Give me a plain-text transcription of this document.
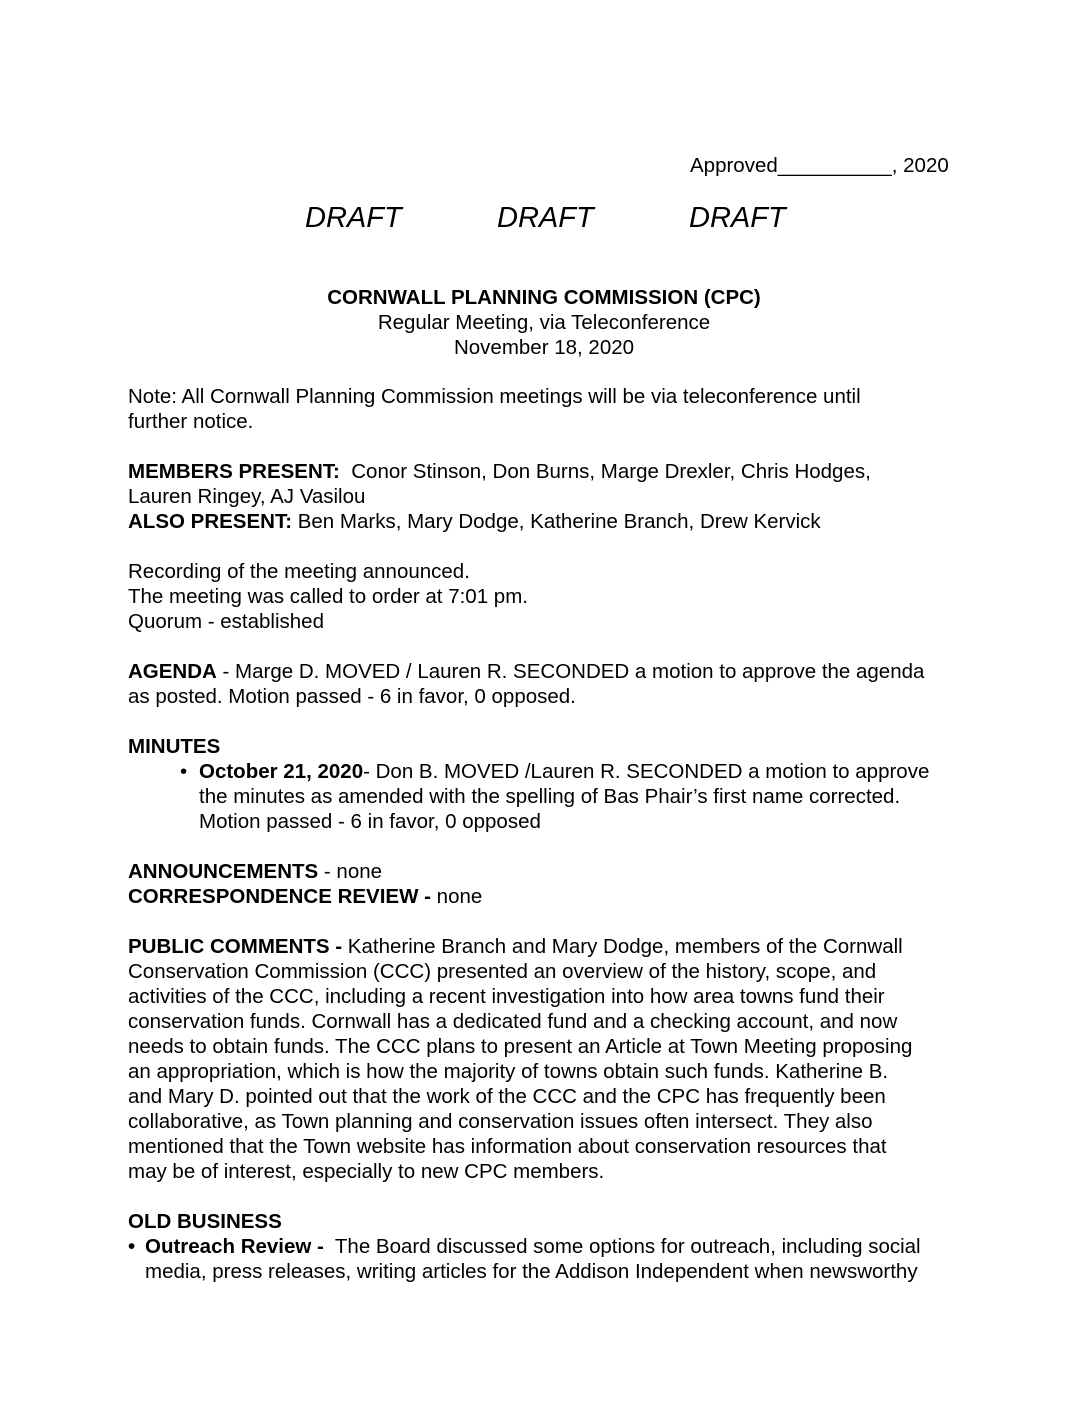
Approved__________, 2020
DRAFT	DRAFT	DRAFT
CORNWALL PLANNING COMMISSION (CPC)
Regular Meeting, via Teleconference
November 18, 2020
Note: All Cornwall Planning Commission meetings will be via teleconference until
further notice.
MEMBERS PRESENT:  Conor Stinson, Don Burns, Marge Drexler, Chris Hodges,
Lauren Ringey, AJ Vasilou
ALSO PRESENT: Ben Marks, Mary Dodge, Katherine Branch, Drew Kervick
Recording of the meeting announced.
The meeting was called to order at 7:01 pm.
Quorum - established
AGENDA - Marge D. MOVED / Lauren R. SECONDED a motion to approve the agenda
as posted. Motion passed - 6 in favor, 0 opposed.
MINUTES
• October 21, 2020- Don B. MOVED /Lauren R. SECONDED a motion to approve
the minutes as amended with the spelling of Bas Phair’s first name corrected.
Motion passed - 6 in favor, 0 opposed
ANNOUNCEMENTS - none
CORRESPONDENCE REVIEW - none
PUBLIC COMMENTS - Katherine Branch and Mary Dodge, members of the Cornwall
Conservation Commission (CCC) presented an overview of the history, scope, and
activities of the CCC, including a recent investigation into how area towns fund their
conservation funds. Cornwall has a dedicated fund and a checking account, and now
needs to obtain funds. The CCC plans to present an Article at Town Meeting proposing
an appropriation, which is how the majority of towns obtain such funds. Katherine B.
and Mary D. pointed out that the work of the CCC and the CPC has frequently been
collaborative, as Town planning and conservation issues often intersect. They also
mentioned that the Town website has information about conservation resources that
may be of interest, especially to new CPC members.
OLD BUSINESS
• Outreach Review -  The Board discussed some options for outreach, including social
media, press releases, writing articles for the Addison Independent when newsworthy
